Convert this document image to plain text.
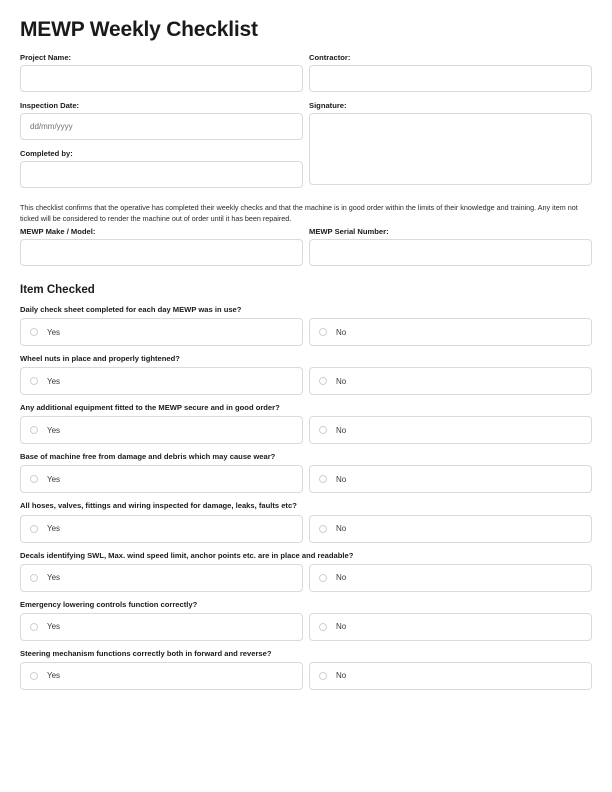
MEWP Weekly Checklist
Project Name:
Inspection Date:
dd/mm/yyyy
Completed by:
Contractor:
Signature:

This checklist confirms that the operative has completed their weekly checks and that the machine is in good order within the limits of their knowledge and training. Any item not ticked will be considered to render the machine out of order until it has been repaired.

MEWP Make / Model:	MEWP Serial Number:
Item Checked
Daily check sheet completed for each day MEWP was in use?
Yes	No
Wheel nuts in place and properly tightened?
Yes	No
Any additional equipment fitted to the MEWP secure and in good order?
Yes	No
Base of machine free from damage and debris which may cause wear?
Yes	No
All hoses, valves, fittings and wiring inspected for damage, leaks, faults etc?
Yes	No
Decals identifying SWL, Max. wind speed limit, anchor points etc. are in place and readable?
Yes	No
Emergency lowering controls function correctly?
Yes	No
Steering mechanism functions correctly both in forward and reverse?
Yes	No
